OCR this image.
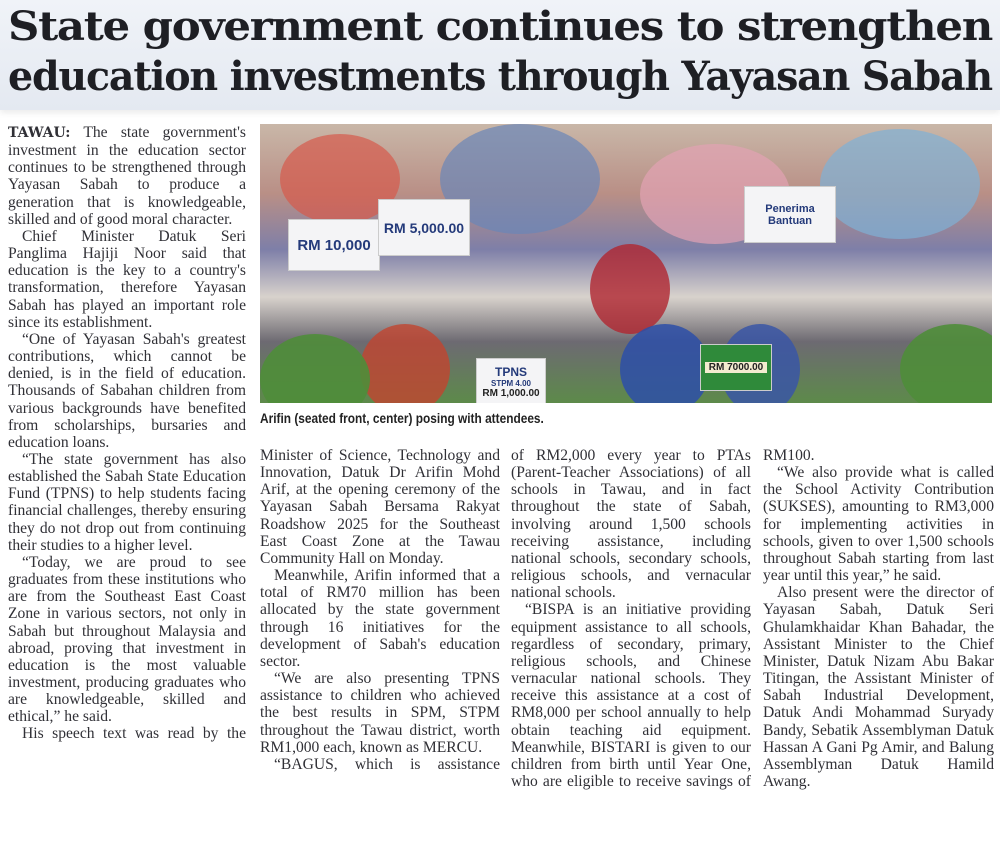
State government continues to strengthen
education investments through Yayasan Sabah

TAWAU: The state government's investment in the education sector continues to be strengthened through Yayasan Sabah to produce a generation that is knowledgeable, skilled and of good moral character.

Chief Minister Datuk Seri Panglima Hajiji Noor said that education is the key to a country's transformation, therefore Yayasan Sabah has played an important role since its establishment.

“One of Yayasan Sabah's greatest contributions, which cannot be denied, is in the field of education. Thousands of Sabahan children from various backgrounds have benefited from scholarships, bursaries and education loans.

“The state government has also established the Sabah State Education Fund (TPNS) to help students facing financial challenges, thereby ensuring they do not drop out from continuing their studies to a higher level.

“Today, we are proud to see graduates from these institutions who are from the Southeast East Coast Zone in various sectors, not only in Sabah but throughout Malaysia and abroad, proving that investment in education is the most valuable investment, producing graduates who are knowledgeable, skilled and ethical,” he said.

His speech text was read by the

RM 10,000
RM 5,000.00
Penerima Bantuan
TPNS
STPM 4.00
RM 1,000.00
RM 7000.00
Arifin (seated front, center) posing with attendees.

Minister of Science, Technology and Innovation, Datuk Dr Arifin Mohd Arif, at the opening ceremony of the Yayasan Sabah Bersama Rakyat Roadshow 2025 for the Southeast East Coast Zone at the Tawau Community Hall on Monday.

Meanwhile, Arifin informed that a total of RM70 million has been allocated by the state government through 16 initiatives for the development of Sabah's education sector.

“We are also presenting TPNS assistance to children who achieved the best results in SPM, STPM throughout the Tawau district, worth RM1,000 each, known as MERCU.

“BAGUS, which is assistance

of RM2,000 every year to PTAs (Parent-Teacher Associations) of all schools in Tawau, and in fact throughout the state of Sabah, involving around 1,500 schools receiving assistance, including national schools, secondary schools, religious schools, and vernacular national schools.

“BISPA is an initiative providing equipment assistance to all schools, regardless of secondary, primary, religious schools, and Chinese vernacular national schools. They receive this assistance at a cost of RM8,000 per school annually to help obtain teaching aid equipment. Meanwhile, BISTARI is given to our children from birth until Year One, who are eligible to receive savings of

RM100.

“We also provide what is called the School Activity Contribution (SUKSES), amounting to RM3,000 for implementing activities in schools, given to over 1,500 schools throughout Sabah starting from last year until this year,” he said.

Also present were the director of Yayasan Sabah, Datuk Seri Ghulamkhaidar Khan Bahadar, the Assistant Minister to the Chief Minister, Datuk Nizam Abu Bakar Titingan, the Assistant Minister of Sabah Industrial Development, Datuk Andi Mohammad Suryady Bandy, Sebatik Assemblyman Datuk Hassan A Gani Pg Amir, and Balung Assemblyman Datuk Hamild Awang.
